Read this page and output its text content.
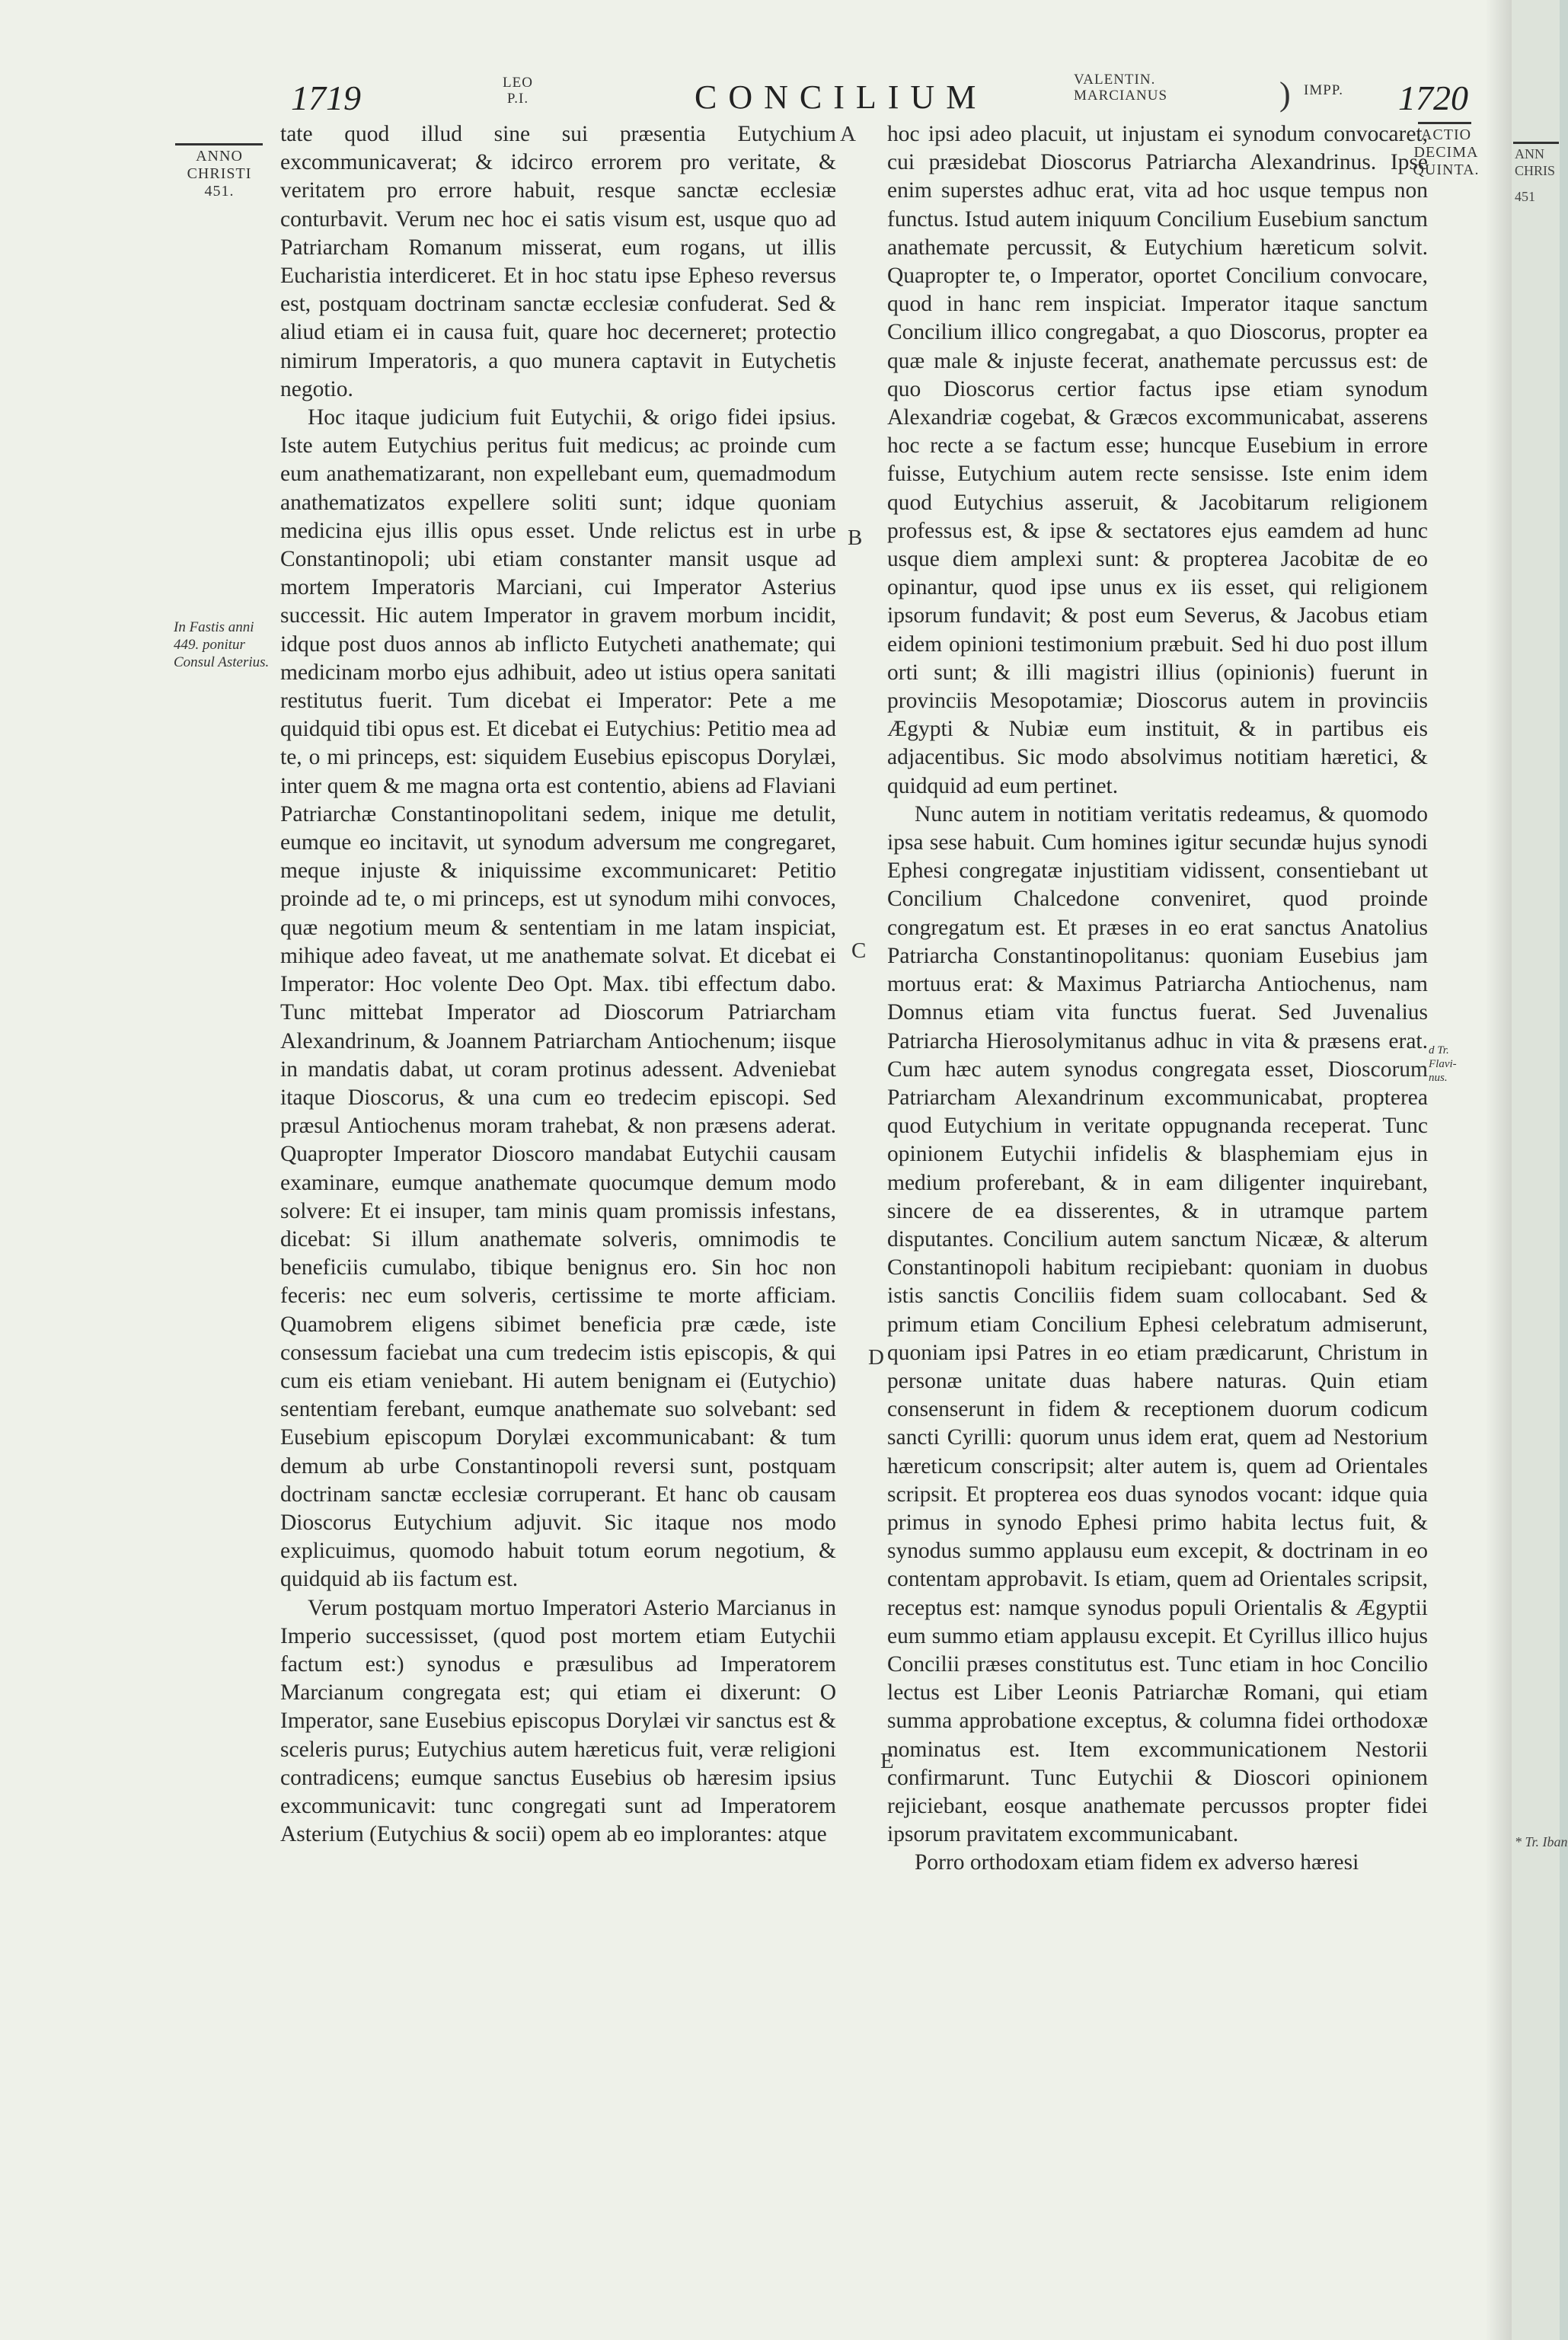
1719	LEO
P.I.	CONCILIUM	VALENTIN.
MARCIANUS	) IMPP. 1720
ANNO
CHRISTI
451.
In Fastis anni 449. ponitur Consul Asterius.
ACTIO
DECIMA
QUINTA.
d Tr. Flavi-nus.
A
B
C
D
E

tate quod illud sine sui præsentia Eutychium excommunicaverat; & idcirco errorem pro veritate, & veritatem pro errore habuit, resque sanctæ ecclesiæ conturbavit. Verum nec hoc ei satis visum est, usque quo ad Patriarcham Romanum misserat, eum rogans, ut illis Eucharistia interdiceret. Et in hoc statu ipse Epheso reversus est, postquam doctrinam sanctæ ecclesiæ confuderat. Sed & aliud etiam ei in causa fuit, quare hoc decerneret; protectio nimirum Imperatoris, a quo munera captavit in Eutychetis negotio.

Hoc itaque judicium fuit Eutychii, & origo fidei ipsius. Iste autem Eutychius peritus fuit medicus; ac proinde cum eum anathematizarant, non expellebant eum, quemadmodum anathematizatos expellere soliti sunt; idque quoniam medicina ejus illis opus esset. Unde relictus est in urbe Constantinopoli; ubi etiam constanter mansit usque ad mortem Imperatoris Marciani, cui Imperator Asterius successit. Hic autem Imperator in gravem morbum incidit, idque post duos annos ab inflicto Eutycheti anathemate; qui medicinam morbo ejus adhibuit, adeo ut istius opera sanitati restitutus fuerit. Tum dicebat ei Imperator: Pete a me quidquid tibi opus est. Et dicebat ei Eutychius: Petitio mea ad te, o mi princeps, est: siquidem Eusebius episcopus Dorylæi, inter quem & me magna orta est contentio, abiens ad Flaviani Patriarchæ Constantinopolitani sedem, inique me detulit, eumque eo incitavit, ut synodum adversum me congregaret, meque injuste & iniquissime excommunicaret: Petitio proinde ad te, o mi princeps, est ut synodum mihi convoces, quæ negotium meum & sententiam in me latam inspiciat, mihique adeo faveat, ut me anathemate solvat. Et dicebat ei Imperator: Hoc volente Deo Opt. Max. tibi effectum dabo. Tunc mittebat Imperator ad Dioscorum Patriarcham Alexandrinum, & Joannem Patriarcham Antiochenum; iisque in mandatis dabat, ut coram protinus adessent. Adveniebat itaque Dioscorus, & una cum eo tredecim episcopi. Sed præsul Antiochenus moram trahebat, & non præsens aderat. Quapropter Imperator Dioscoro mandabat Eutychii causam examinare, eumque anathemate quocumque demum modo solvere: Et ei insuper, tam minis quam promissis infestans, dicebat: Si illum anathemate solveris, omnimodis te beneficiis cumulabo, tibique benignus ero. Sin hoc non feceris: nec eum solveris, certissime te morte afficiam. Quamobrem eligens sibimet beneficia præ cæde, iste consessum faciebat una cum tredecim istis episcopis, & qui cum eis etiam veniebant. Hi autem benignam ei (Eutychio) sententiam ferebant, eumque anathemate suo solvebant: sed Eusebium episcopum Dorylæi excommunicabant: & tum demum ab urbe Constantinopoli reversi sunt, postquam doctrinam sanctæ ecclesiæ corruperant. Et hanc ob causam Dioscorus Eutychium adjuvit. Sic itaque nos modo explicuimus, quomodo habuit totum eorum negotium, & quidquid ab iis factum est.

Verum postquam mortuo Imperatori Asterio Marcianus in Imperio successisset, (quod post mortem etiam Eutychii factum est:) synodus e præsulibus ad Imperatorem Marcianum congregata est; qui etiam ei dixerunt: O Imperator, sane Eusebius episcopus Dorylæi vir sanctus est & sceleris purus; Eutychius autem hæreticus fuit, veræ religioni contradicens; eumque sanctus Eusebius ob hæresim ipsius excommunicavit: tunc congregati sunt ad Imperatorem Asterium (Eutychius & socii) opem ab eo implorantes: atque

hoc ipsi adeo placuit, ut injustam ei synodum convocaret, cui præsidebat Dioscorus Patriarcha Alexandrinus. Ipse enim superstes adhuc erat, vita ad hoc usque tempus non functus. Istud autem iniquum Concilium Eusebium sanctum anathemate percussit, & Eutychium hæreticum solvit. Quapropter te, o Imperator, oportet Concilium convocare, quod in hanc rem inspiciat. Imperator itaque sanctum Concilium illico congregabat, a quo Dioscorus, propter ea quæ male & injuste fecerat, anathemate percussus est: de quo Dioscorus certior factus ipse etiam synodum Alexandriæ cogebat, & Græcos excommunicabat, asserens hoc recte a se factum esse; huncque Eusebium in errore fuisse, Eutychium autem recte sensisse. Iste enim idem quod Eutychius asseruit, & Jacobitarum religionem professus est, & ipse & sectatores ejus eamdem ad hunc usque diem amplexi sunt: & propterea Jacobitæ de eo opinantur, quod ipse unus ex iis esset, qui religionem ipsorum fundavit; & post eum Severus, & Jacobus etiam eidem opinioni testimonium præbuit. Sed hi duo post illum orti sunt; & illi magistri illius (opinionis) fuerunt in provinciis Mesopotamiæ; Dioscorus autem in provinciis Ægypti & Nubiæ eum instituit, & in partibus eis adjacentibus. Sic modo absolvimus notitiam hæretici, & quidquid ad eum pertinet.

Nunc autem in notitiam veritatis redeamus, & quomodo ipsa sese habuit. Cum homines igitur secundæ hujus synodi Ephesi congregatæ injustitiam vidissent, consentiebant ut Concilium Chalcedone conveniret, quod proinde congregatum est. Et præses in eo erat sanctus Anatolius Patriarcha Constantinopolitanus: quoniam Eusebius jam mortuus erat: & Maximus Patriarcha Antiochenus, nam Domnus etiam vita functus fuerat. Sed Juvenalius Patriarcha Hierosolymitanus adhuc in vita & præsens erat. Cum hæc autem synodus congregata esset, Dioscorum Patriarcham Alexandrinum excommunicabat, propterea quod Eutychium in veritate oppugnanda receperat. Tunc opinionem Eutychii infidelis & blasphemiam ejus in medium proferebant, & in eam diligenter inquirebant, sincere de ea disserentes, & in utramque partem disputantes. Concilium autem sanctum Nicææ, & alterum Constantinopoli habitum recipiebant: quoniam in duobus istis sanctis Conciliis fidem suam collocabant. Sed & primum etiam Concilium Ephesi celebratum admiserunt, quoniam ipsi Patres in eo etiam prædicarunt, Christum in personæ unitate duas habere naturas. Quin etiam consenserunt in fidem & receptionem duorum codicum sancti Cyrilli: quorum unus idem erat, quem ad Nestorium hæreticum conscripsit; alter autem is, quem ad Orientales scripsit. Et propterea eos duas synodos vocant: idque quia primus in synodo Ephesi primo habita lectus fuit, & synodus summo applausu eum excepit, & doctrinam in eo contentam approbavit. Is etiam, quem ad Orientales scripsit, receptus est: namque synodus populi Orientalis & Ægyptii eum summo etiam applausu excepit. Et Cyrillus illico hujus Concilii præses constitutus est. Tunc etiam in hoc Concilio lectus est Liber Leonis Patriarchæ Romani, qui etiam summa approbatione exceptus, & columna fidei orthodoxæ nominatus est. Item excommunicationem Nestorii confirmarunt. Tunc Eutychii & Dioscori opinionem rejiciebant, eosque anathemate percussos propter fidei ipsorum pravitatem excommunicabant.

Porro orthodoxam etiam fidem ex adverso hæresi

ANN
CHRIS
451
* Tr. Iban
